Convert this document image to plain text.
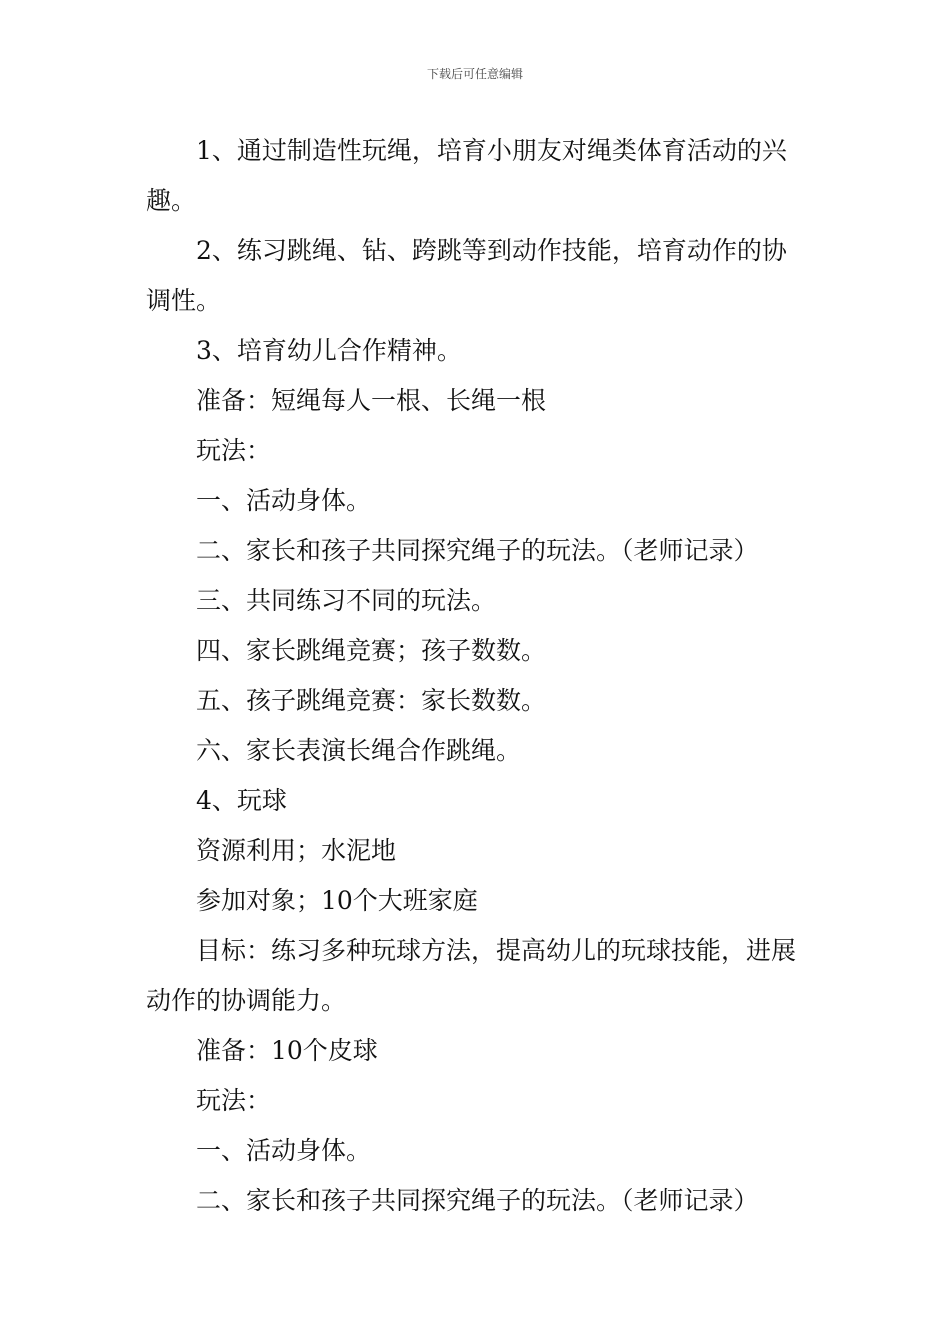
下载后可任意编辑

1、通过制造性玩绳，培育小朋友对绳类体育活动的兴趣。

2、练习跳绳、钻、跨跳等到动作技能，培育动作的协调性。

3、培育幼儿合作精神。

准备：短绳每人一根、长绳一根

玩法：

一、活动身体。

二、家长和孩子共同探究绳子的玩法。（老师记录）

三、共同练习不同的玩法。

四、家长跳绳竞赛；孩子数数。

五、孩子跳绳竞赛：家长数数。

六、家长表演长绳合作跳绳。

4、玩球

资源利用；水泥地

参加对象；10个大班家庭

目标：练习多种玩球方法，提高幼儿的玩球技能，进展动作的协调能力。

准备：10个皮球

玩法：

一、活动身体。

二、家长和孩子共同探究绳子的玩法。（老师记录）
